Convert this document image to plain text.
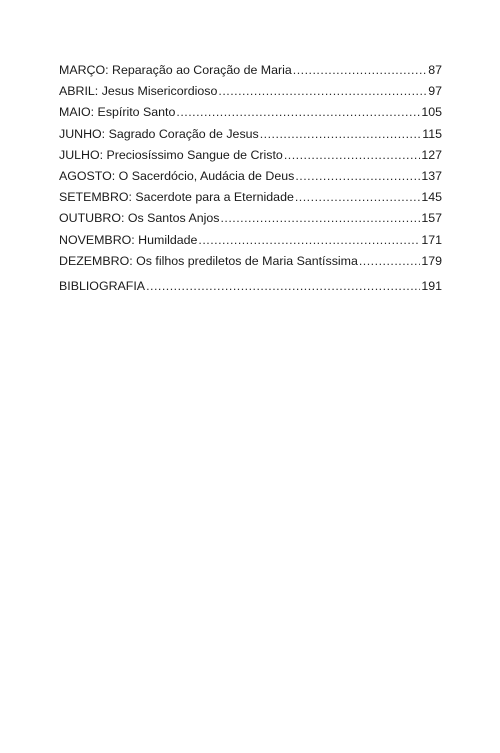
MARÇO: Reparação ao Coração de Maria .....	87
ABRIL: Jesus Misericordioso .....	97
MAIO: Espírito Santo .....	105
JUNHO: Sagrado Coração de Jesus .....	115
JULHO: Preciosíssimo Sangue de Cristo .....	127
AGOSTO: O Sacerdócio, Audácia de Deus .....	137
SETEMBRO: Sacerdote para a Eternidade .....	145
OUTUBRO: Os Santos Anjos .....	157
NOVEMBRO: Humildade .....	171
DEZEMBRO: Os filhos prediletos de Maria Santíssima .....	179
BIBLIOGRAFIA .....	191
